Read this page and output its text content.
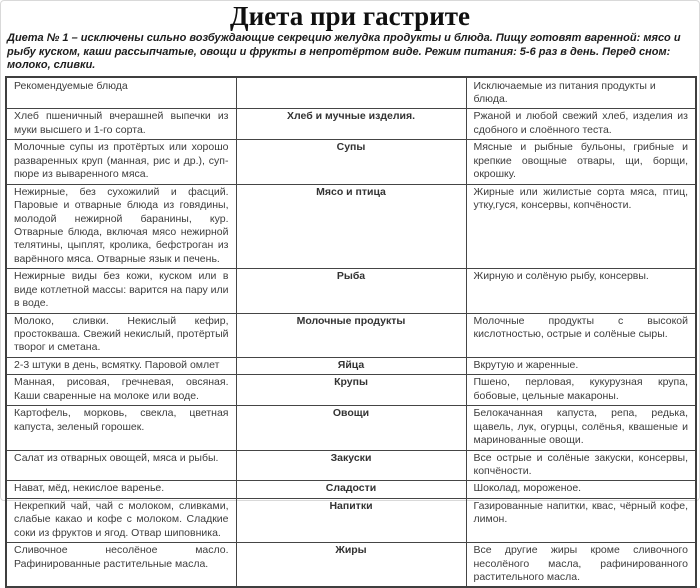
Диета при гастрите
Диета № 1 – исключены сильно возбуждающие секрецию желудка продукты и блюда. Пищу готовят варенной: мясо и рыбу куском, каши рассыпчатые, овощи и фрукты в непротёртом виде. Режим питания: 5-6 раз в день. Перед сном: молоко, сливки.
Рекомендуемые блюда		Исключаемые из питания продукты и блюда.
Хлеб пшеничный вчерашней выпечки из муки высшего и 1-го сорта.	Хлеб и мучные изделия.	Ржаной и любой свежий хлеб, изделия из сдобного и слоённого теста.
Молочные супы из протёртых или хорошо разваренных круп (манная, рис и др.), суп-пюре из вываренного мяса.	Супы	Мясные и рыбные бульоны, грибные и крепкие овощные отвары, щи, борщи, окрошку.
Нежирные, без сухожилий и фасций. Паровые и отварные блюда из говядины, молодой нежирной баранины, кур. Отварные блюда, включая мясо нежирной телятины, цыплят, кролика, бефстроган из варённого мяса. Отварные язык и печень.	Мясо и птица	Жирные или жилистые сорта мяса, птиц, утку,гуся, консервы, копчёности.
Нежирные виды без кожи, куском или в виде котлетной массы: варится на пару или в воде.	Рыба	Жирную и солёную рыбу, консервы.
Молоко, сливки. Некислый кефир, простокваша. Свежий некислый, протёртый творог и сметана.	Молочные продукты	Молочные продукты с высокой кислотностью, острые и солёные сыры.
2-3 штуки в день, всмятку. Паровой омлет	Яйца	Вкрутую и жаренные.
Манная, рисовая, гречневая, овсяная. Каши сваренные на молоке или воде.	Крупы	Пшено, перловая, кукурузная крупа, бобовые, цельные макароны.
Картофель, морковь, свекла, цветная капуста, зеленый горошек.	Овощи	Белокачанная капуста, репа, редька, щавель, лук, огурцы, солёнья, квашеные и маринованные овощи.
Салат из отварных овощей, мяса и рыбы.	Закуски	Все острые и солёные закуски, консервы, копчёности.
Нават, мёд, некислое варенье.	Сладости	Шоколад, мороженое.
Некрепкий чай, чай с молоком, сливками, слабые какао и кофе с молоком. Сладкие соки из фруктов и ягод. Отвар шиповника.	Напитки	Газированные напитки, квас, чёрный кофе, лимон.
Сливочное несолёное масло. Рафинированные растительные масла.	Жиры	Все другие жиры кроме сливочного несолёного масла, рафинированного растительного масла.
